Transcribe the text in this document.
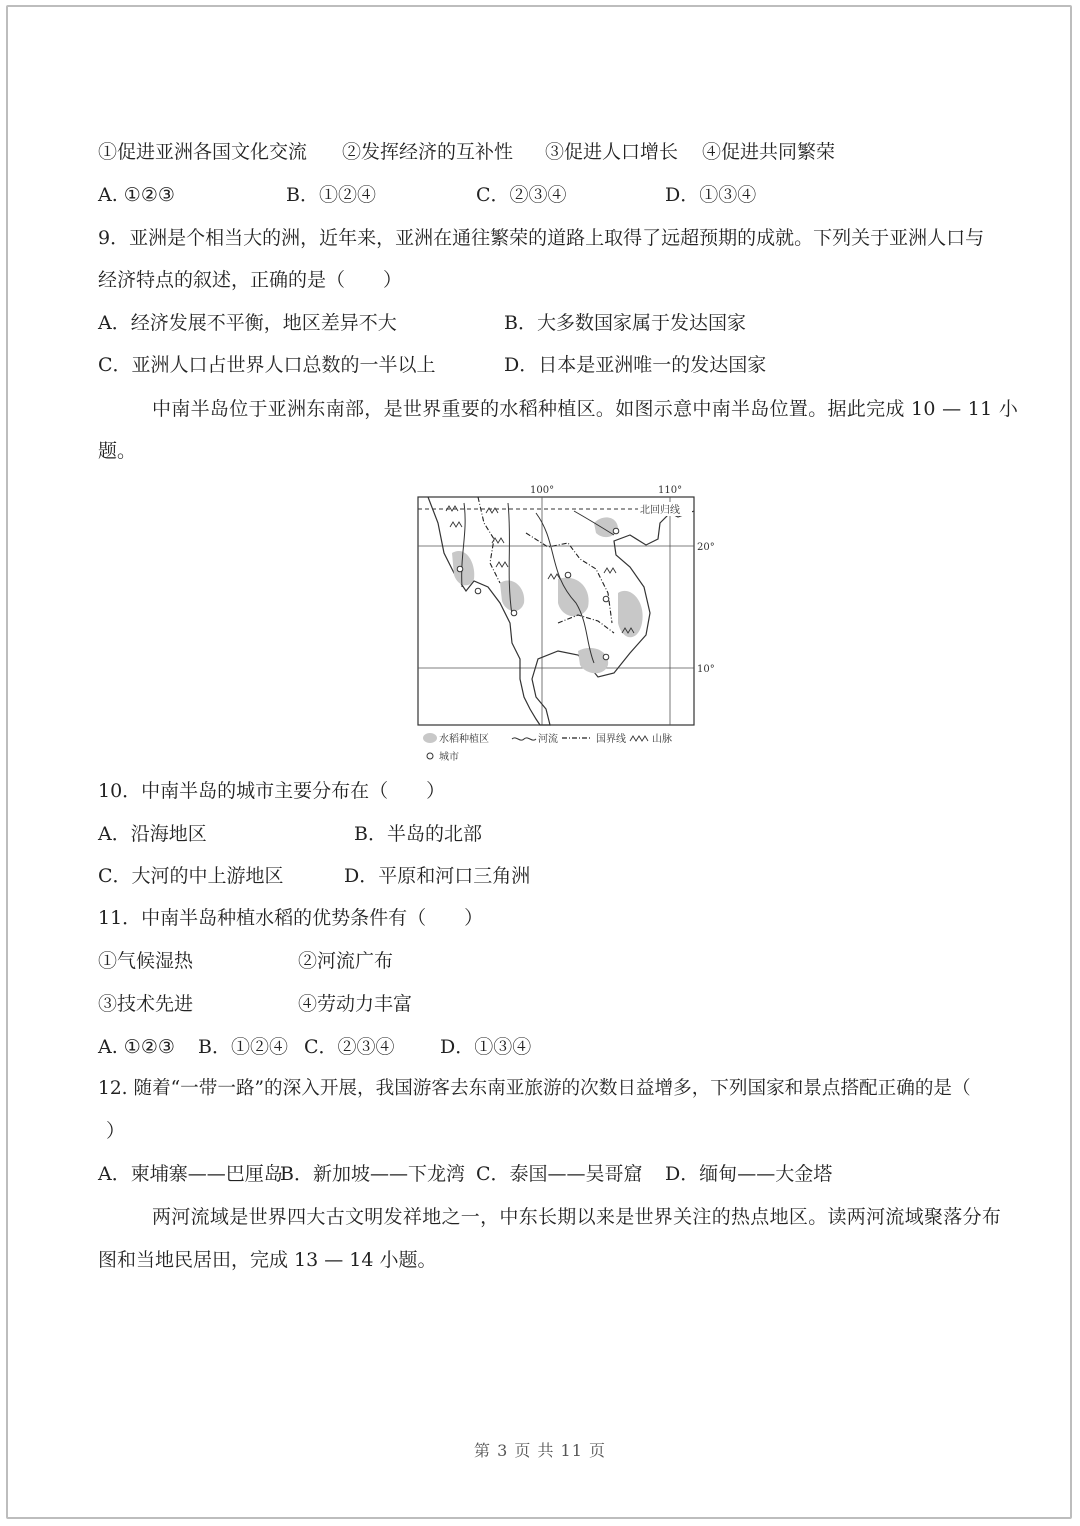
①促进亚洲各国文化交流 ②发挥经济的互补性 ③促进人口增长 ④促进共同繁荣
A. ①②③	B．①②④	C．②③④	D．①③④
9．亚洲是个相当大的洲，近年来，亚洲在通往繁荣的道路上取得了远超预期的成就。下列关于亚洲人口与
经济特点的叙述，正确的是（　　）
A．经济发展不平衡，地区差异不大	B．大多数国家属于发达国家
C．亚洲人口占世界人口总数的一半以上	D．日本是亚洲唯一的发达国家
中南半岛位于亚洲东南部，是世界重要的水稻种植区。如图示意中南半岛位置。据此完成 10 — 11 小
题。
北回归线
100°	110°
20°
10°
水稻种植区	河流	国界线	山脉
城市
10．中南半岛的城市主要分布在（　　）
A．沿海地区	B．半岛的北部
C．大河的中上游地区	D．平原和河口三角洲
11．中南半岛种植水稻的优势条件有（　　）
①气候湿热	②河流广布
③技术先进	④劳动力丰富
A. ①②③ B．①②④ C．②③④ D．①③④
12. 随着“一带一路”的深入开展，我国游客去东南亚旅游的次数日益增多，下列国家和景点搭配正确的是（
）
A．柬埔寨——巴厘岛
B．新加坡——下龙湾 C．泰国——吴哥窟 D．缅甸——大金塔
两河流域是世界四大古文明发祥地之一，中东长期以来是世界关注的热点地区。读两河流域聚落分布
图和当地民居田，完成 13 — 14 小题。
第 3 页 共 11 页
